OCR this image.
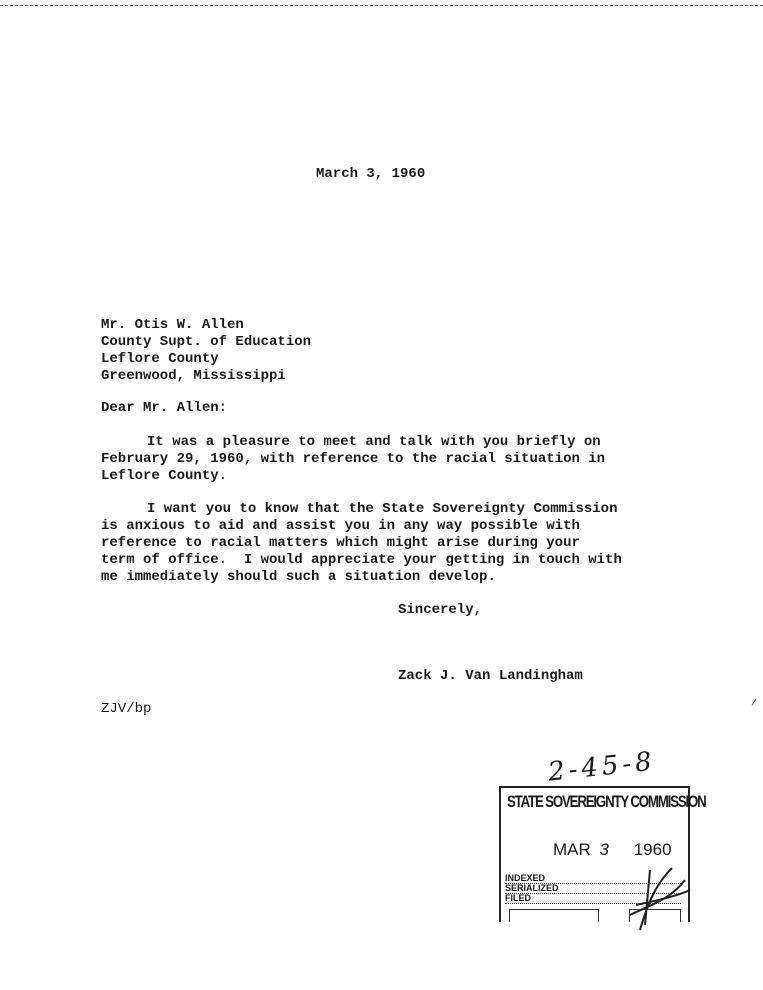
March 3, 1960
Mr. Otis W. Allen
County Supt. of Education
Leflore County
Greenwood, Mississippi
Dear Mr. Allen:
It was a pleasure to meet and talk with you briefly on
February 29, 1960, with reference to the racial situation in
Leflore County.
I want you to know that the State Sovereignty Commission
is anxious to aid and assist you in any way possible with
reference to racial matters which might arise during your
term of office.  I would appreciate your getting in touch with
me immediately should such a situation develop.
Sincerely,
Zack J. Van Landingham
ZJV/bp
2-45-8
STATE SOVEREIGNTY COMMISSION
MAR 3 1960
INDEXED
SERIALIZED
FILED
